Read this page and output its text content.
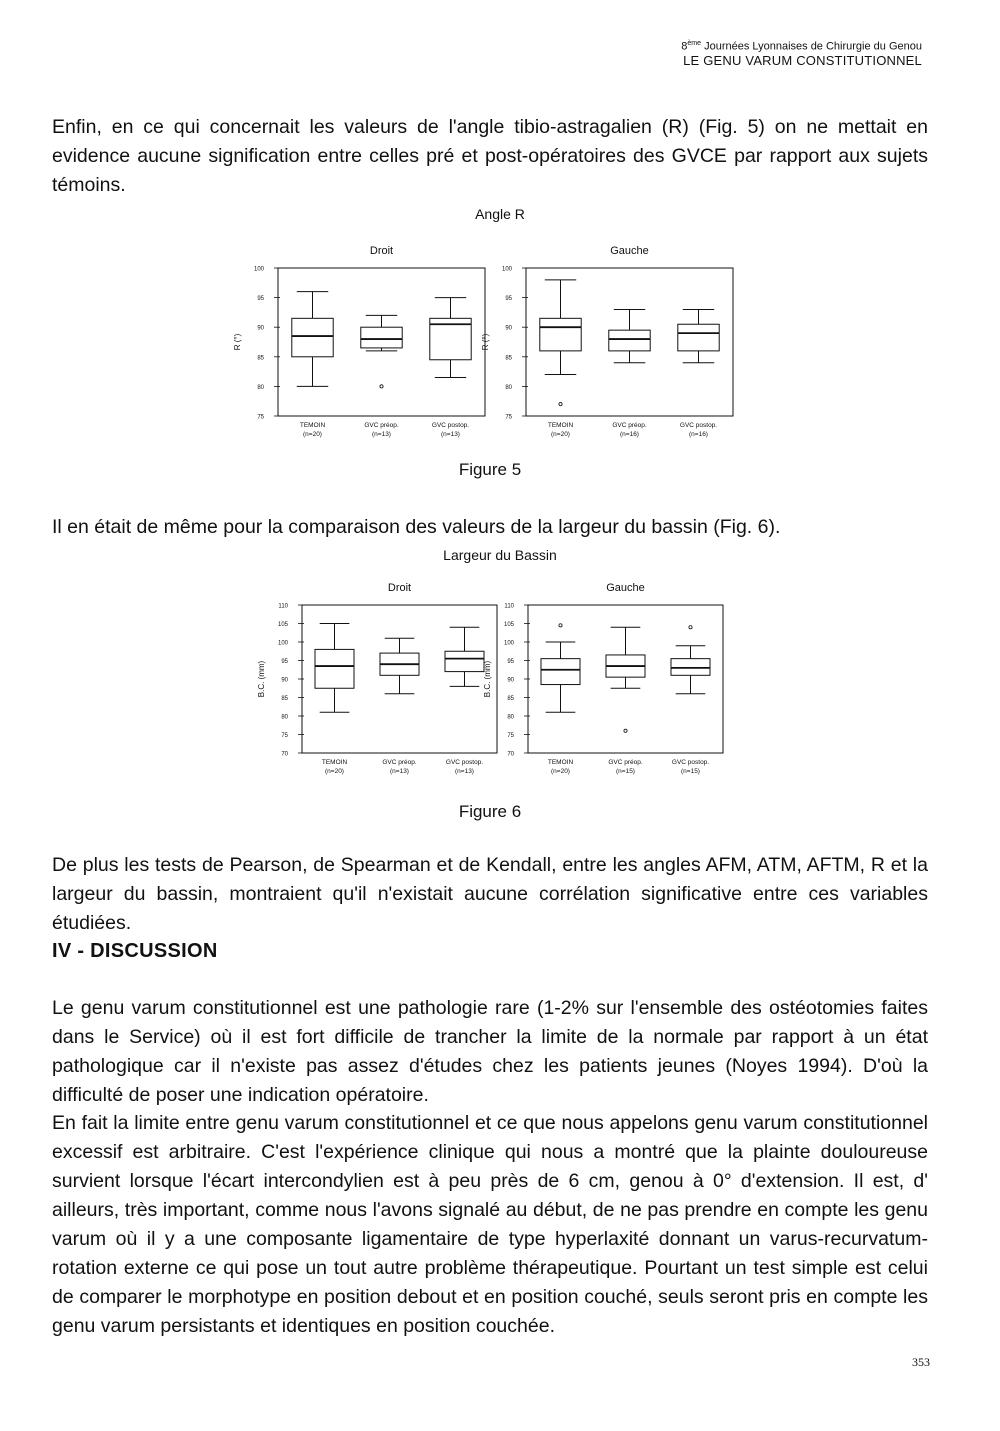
8ème Journées Lyonnaises de Chirurgie du Genou
LE GENU VARUM CONSTITUTIONNEL
Enfin, en ce qui concernait les valeurs de l'angle tibio-astragalien (R) (Fig. 5) on ne mettait en evidence aucune signification entre celles pré et post-opératoires des GVCE par rapport aux sujets témoins.
Angle R
Droit
75
80
85
90
95
100
R (°)
TEMOIN
(n=20)
GVC préop.
(n=13)
GVC postop.
(n=13)
Gauche
75
80
85
90
95
100
R (°)
TEMOIN
(n=20)
GVC préop.
(n=16)
GVC postop.
(n=16)
Figure 5
Il en était de même pour la comparaison des valeurs de la largeur du bassin (Fig. 6).
Largeur du Bassin
Droit
70
75
80
85
90
95
100
105
110
B.C. (mm)
TEMOIN
(n=20)
GVC préop.
(n=13)
GVC postop.
(n=13)
Gauche
70
75
80
85
90
95
100
105
110
B.C. (mm)
TEMOIN
(n=20)
GVC préop.
(n=15)
GVC postop.
(n=15)
Figure 6
De plus les tests de Pearson, de Spearman et de Kendall, entre les angles AFM, ATM, AFTM, R et la largeur du bassin, montraient qu'il n'existait aucune corrélation significative entre ces variables étudiées.
IV - DISCUSSION
Le genu varum constitutionnel est une pathologie rare (1-2% sur l'ensemble des ostéotomies faites dans le Service) où il est fort difficile de trancher la limite de la normale par rapport à un état pathologique car il n'existe pas assez d'études chez les patients jeunes (Noyes 1994). D'où la difficulté de poser une indication opératoire.
En fait la limite entre genu varum constitutionnel et ce que nous appelons genu varum constitutionnel excessif est arbitraire. C'est l'expérience clinique qui nous a montré que la plainte douloureuse survient lorsque l'écart intercondylien est à peu près de 6 cm, genou à 0° d'extension. Il est, d' ailleurs, très important, comme nous l'avons signalé au début, de ne pas prendre en compte les genu varum où il y a une composante ligamentaire de type hyperlaxité donnant un varus-recurvatum-rotation externe ce qui pose un tout autre problème thérapeutique. Pourtant un test simple est celui de comparer le morphotype en position debout et en position couché, seuls seront pris en compte les genu varum persistants et identiques en position couchée.
353
